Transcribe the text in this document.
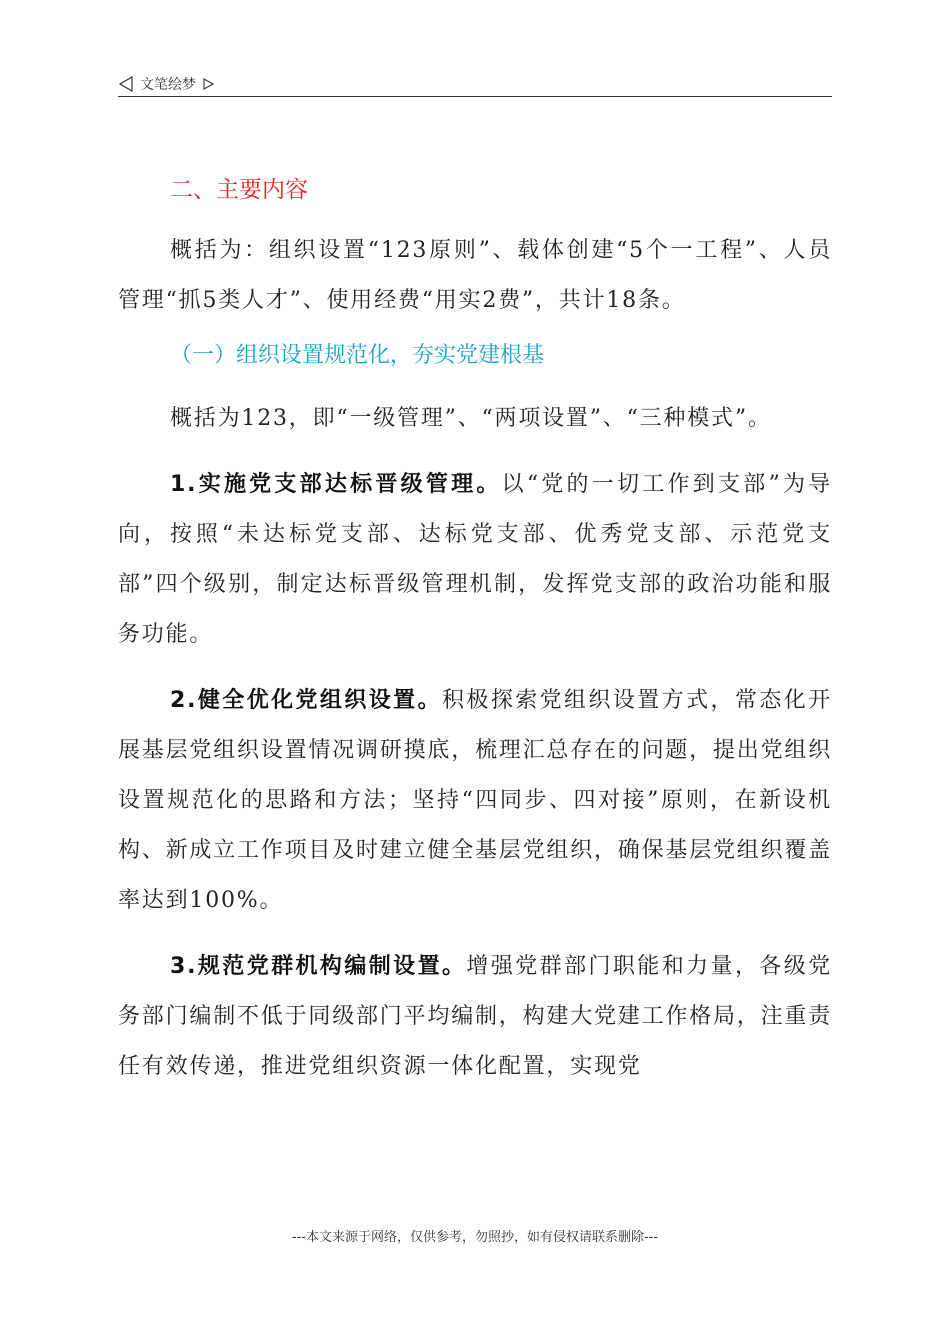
文笔绘梦
二、主要内容

概括为：组织设置“123原则”、载体创建“5个一工程”、人员管理“抓5类人才”、使用经费“用实2费”，共计18条。

（一）组织设置规范化，夯实党建根基

概括为123，即“一级管理”、“两项设置”、“三种模式”。

1.实施党支部达标晋级管理。以“党的一切工作到支部”为导向，按照“未达标党支部、达标党支部、优秀党支部、示范党支部”四个级别，制定达标晋级管理机制，发挥党支部的政治功能和服务功能。

2.健全优化党组织设置。积极探索党组织设置方式，常态化开展基层党组织设置情况调研摸底，梳理汇总存在的问题，提出党组织设置规范化的思路和方法；坚持“四同步、四对接”原则，在新设机构、新成立工作项目及时建立健全基层党组织，确保基层党组织覆盖率达到100%。

3.规范党群机构编制设置。增强党群部门职能和力量，各级党务部门编制不低于同级部门平均编制，构建大党建工作格局，注重责任有效传递，推进党组织资源一体化配置，实现党

---本文来源于网络，仅供参考，勿照抄，如有侵权请联系删除---
